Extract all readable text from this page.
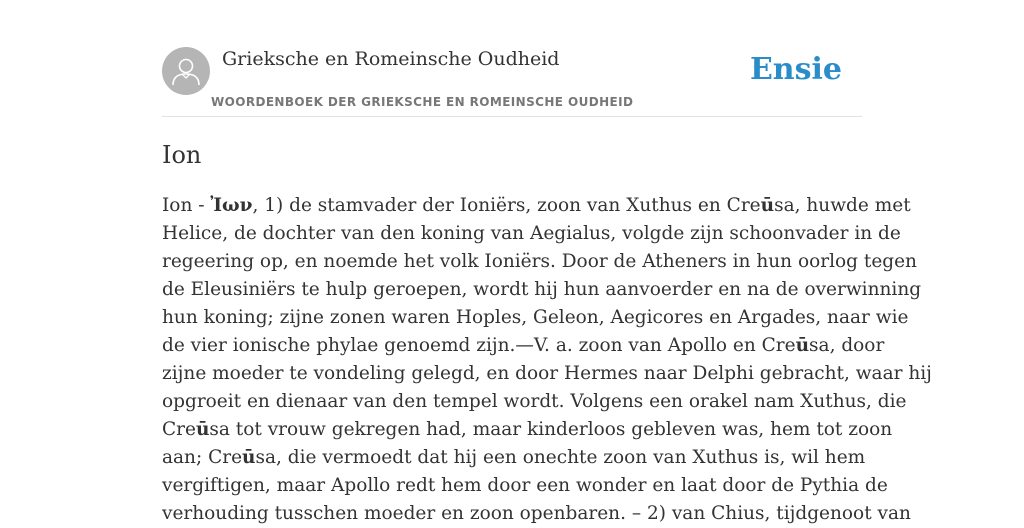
Grieksche en Romeinsche Oudheid
WOORDENBOEK DER GRIEKSCHE EN ROMEINSCHE OUDHEID
Ensie
Ion
Ion - Ἰων, 1) de stamvader der Ioniërs, zoon van Xuthus en Creūsa, huwde met
Helice, de dochter van den koning van Aegialus, volgde zijn schoonvader in de
regeering op, en noemde het volk Ioniërs. Door de Atheners in hun oorlog tegen
de Eleusiniërs te hulp geroepen, wordt hij hun aanvoerder en na de overwinning
hun koning; zijne zonen waren Hoples, Geleon, Aegicores en Argades, naar wie
de vier ionische phylae genoemd zijn.—V. a. zoon van Apollo en Creūsa, door
zijne moeder te vondeling gelegd, en door Hermes naar Delphi gebracht, waar hij
opgroeit en dienaar van den tempel wordt. Volgens een orakel nam Xuthus, die
Creūsa tot vrouw gekregen had, maar kinderloos gebleven was, hem tot zoon
aan; Creūsa, die vermoedt dat hij een onechte zoon van Xuthus is, wil hem
vergiftigen, maar Apollo redt hem door een wonder en laat door de Pythia de
verhouding tusschen moeder en zoon openbaren. – 2) van Chius, tijdgenoot van
